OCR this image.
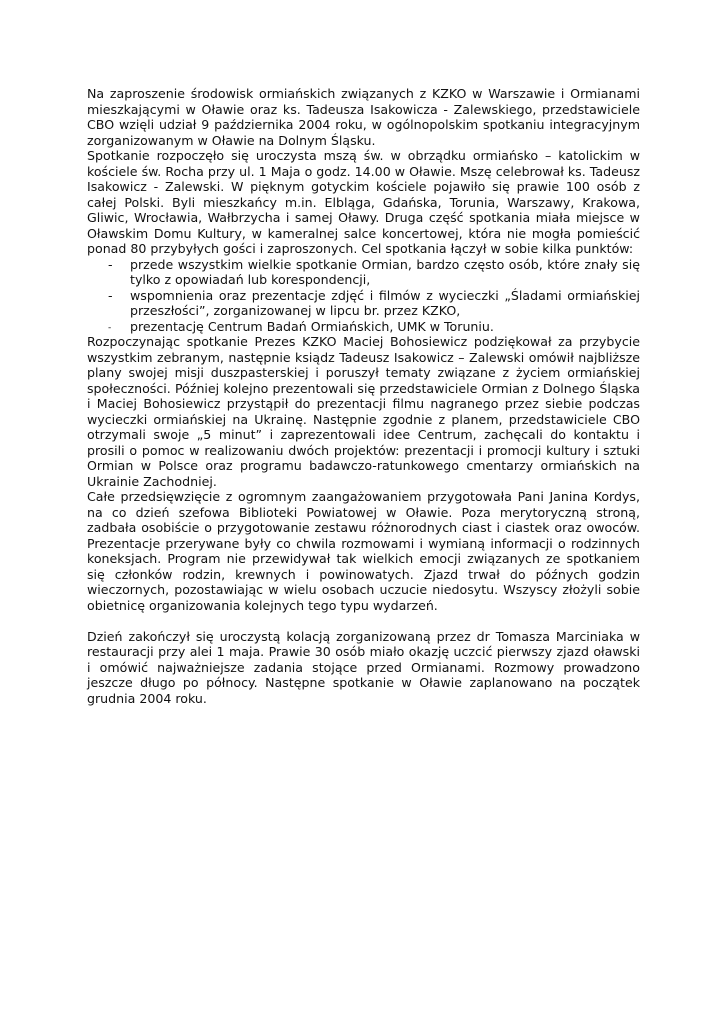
Na zaproszenie środowisk ormiańskich związanych z KZKO w Warszawie i Ormianami mieszkającymi w Oławie oraz ks. Tadeusza Isakowicza - Zalewskiego, przedstawiciele CBO wzięli udział 9 października 2004 roku, w ogólnopolskim spotkaniu integracyjnym zorganizowanym w Oławie na Dolnym Śląsku.

Spotkanie rozpoczęło się uroczysta mszą św. w obrządku ormiańsko – katolickim w kościele św. Rocha przy ul. 1 Maja o godz. 14.00 w Oławie. Mszę celebrował ks. Tadeusz Isakowicz - Zalewski. W pięknym gotyckim kościele pojawiło się prawie 100 osób z całej Polski. Byli mieszkańcy m.in. Elbląga, Gdańska, Torunia, Warszawy, Krakowa, Gliwic, Wrocławia, Wałbrzycha i samej Oławy. Druga część spotkania miała miejsce w Oławskim Domu Kultury, w kameralnej salce koncertowej, która nie mogła pomieścić ponad 80 przybyłych gości i zaproszonych. Cel spotkania łączył w sobie kilka punktów:

- przede wszystkim wielkie spotkanie Ormian, bardzo często osób, które znały się tylko z opowiadań lub korespondencji,
- wspomnienia oraz prezentacje zdjęć i filmów z wycieczki „Śladami ormiańskiej przeszłości”, zorganizowanej w lipcu br. przez KZKO,
- prezentację Centrum Badań Ormiańskich, UMK w Toruniu.

Rozpoczynając spotkanie Prezes KZKO Maciej Bohosiewicz podziękował za przybycie wszystkim zebranym, następnie ksiądz Tadeusz Isakowicz – Zalewski omówił najbliższe plany swojej misji duszpasterskiej i poruszył tematy związane z życiem ormiańskiej społeczności. Później kolejno prezentowali się przedstawiciele Ormian z Dolnego Śląska i Maciej Bohosiewicz przystąpił do prezentacji filmu nagranego przez siebie podczas wycieczki ormiańskiej na Ukrainę. Następnie zgodnie z planem, przedstawiciele CBO otrzymali swoje „5 minut” i zaprezentowali idee Centrum, zachęcali do kontaktu i prosili o pomoc w realizowaniu dwóch projektów: prezentacji i promocji kultury i sztuki Ormian w Polsce oraz programu badawczo-ratunkowego cmentarzy ormiańskich na Ukrainie Zachodniej.

Całe przedsięwzięcie z ogromnym zaangażowaniem przygotowała Pani Janina Kordys, na co dzień szefowa Biblioteki Powiatowej w Oławie. Poza merytoryczną stroną, zadbała osobiście o przygotowanie zestawu różnorodnych ciast i ciastek oraz owoców. Prezentacje przerywane były co chwila rozmowami i wymianą informacji o rodzinnych koneksjach. Program nie przewidywał tak wielkich emocji związanych ze spotkaniem się członków rodzin, krewnych i powinowatych. Zjazd trwał do późnych godzin wieczornych, pozostawiając w wielu osobach uczucie niedosytu. Wszyscy złożyli sobie obietnicę organizowania kolejnych tego typu wydarzeń.

Dzień zakończył się uroczystą kolacją zorganizowaną przez dr Tomasza Marciniaka w restauracji przy alei 1 maja. Prawie 30 osób miało okazję uczcić pierwszy zjazd oławski i omówić najważniejsze zadania stojące przed Ormianami. Rozmowy prowadzono jeszcze długo po północy. Następne spotkanie w Oławie zaplanowano na początek grudnia 2004 roku.
